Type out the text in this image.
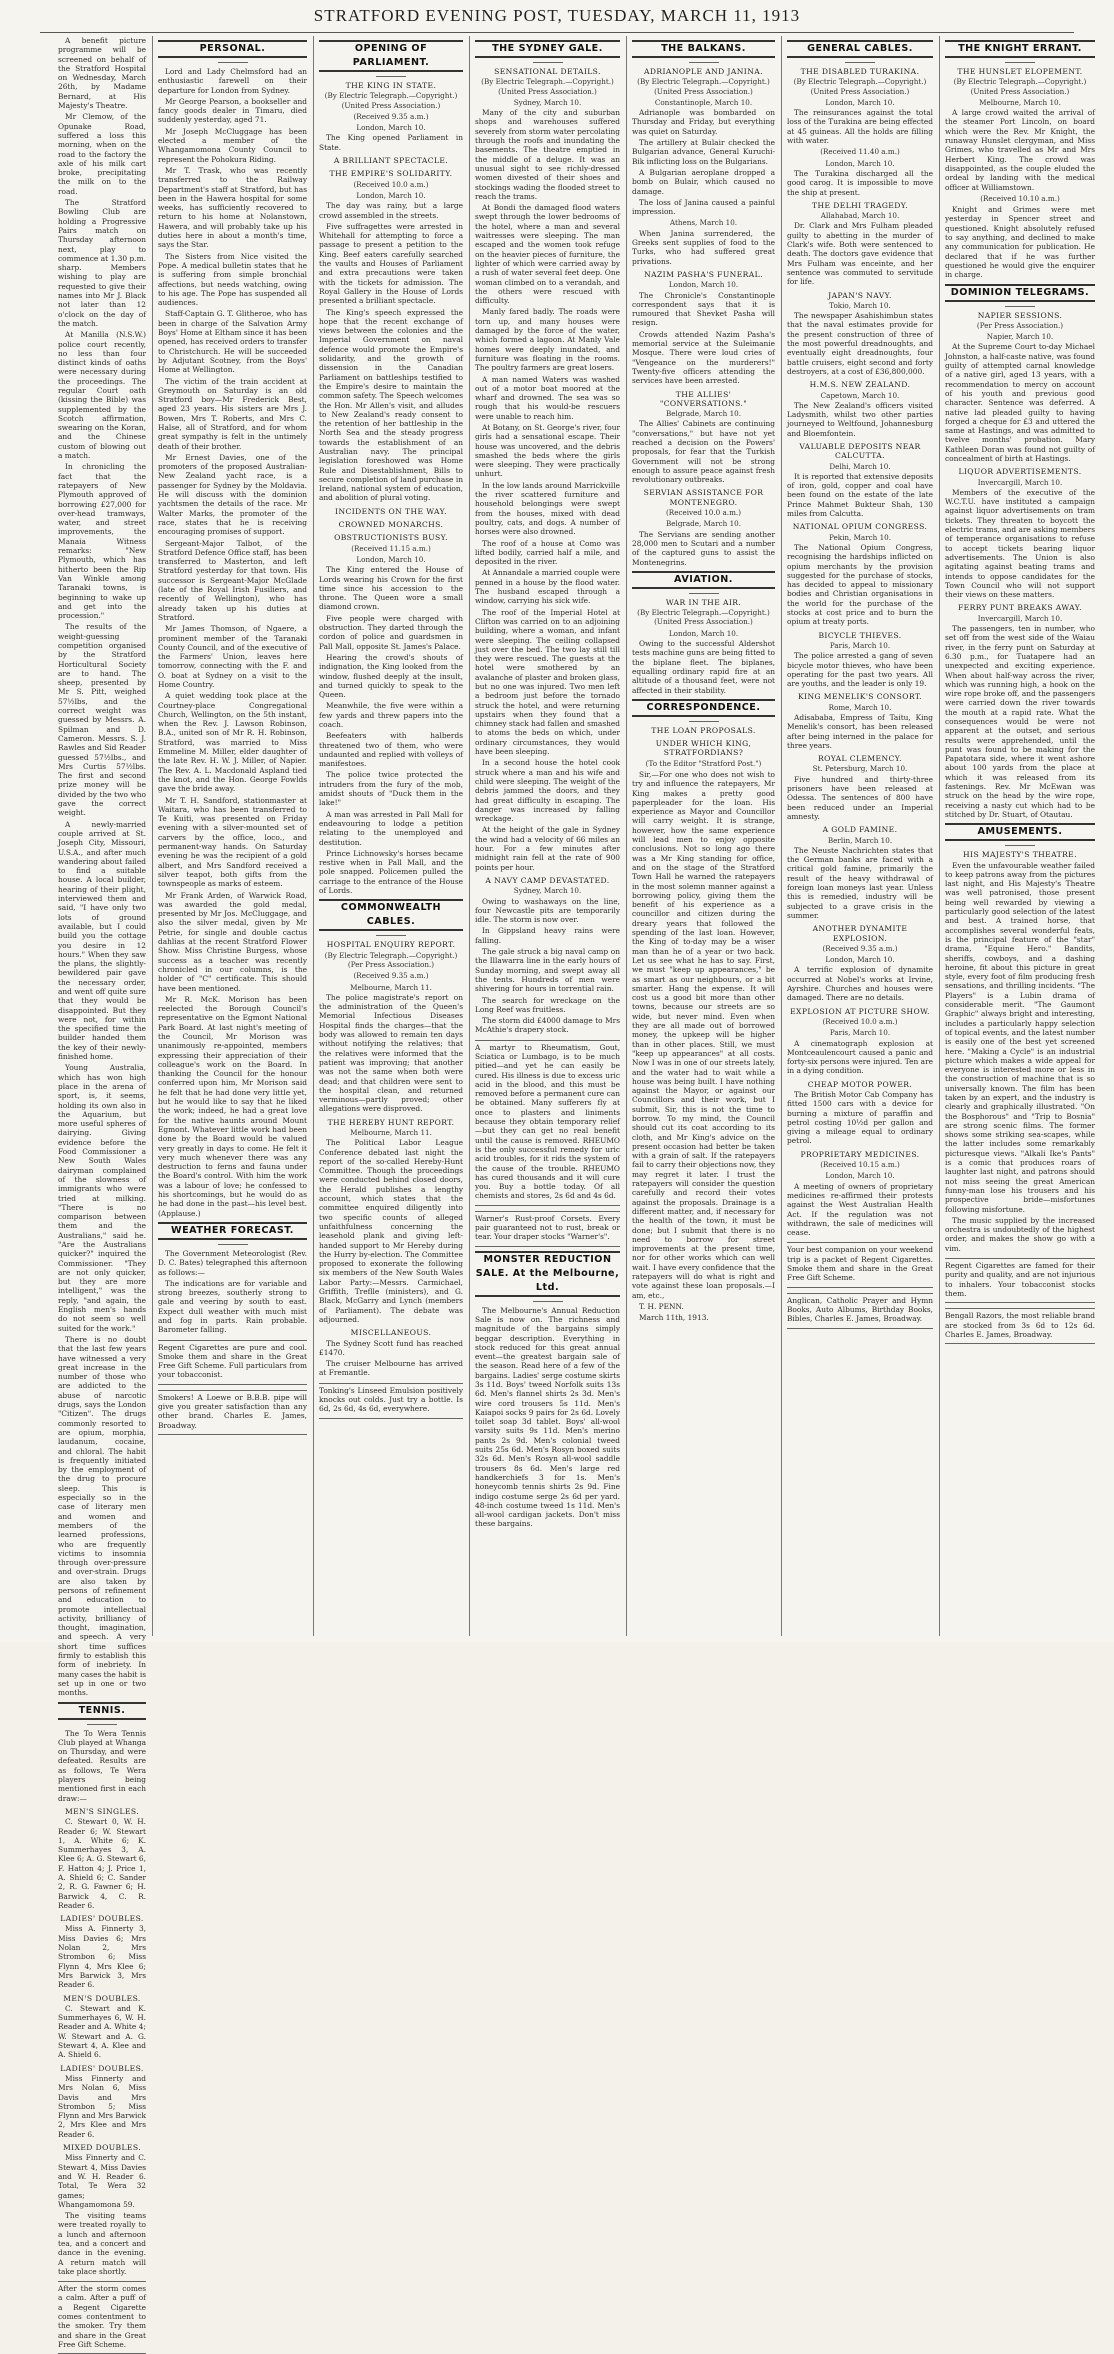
STRATFORD EVENING POST, TUESDAY, MARCH 11, 1913

A benefit picture programme will be screened on behalf of the Stratford Hospital on Wednesday, March 26th, by Madame Bernard, at His Majesty's Theatre.

Mr Clemow, of the Opunake Road, suffered a loss this morning, when on the road to the factory the axle of his milk cart broke, precipitating the milk on to the road.

The Stratford Bowling Club are holding a Progressive Pairs match on Thursday afternoon next, play to commence at 1.30 p.m. sharp. Members wishing to play are requested to give their names into Mr J. Black not later than 12 o'clock on the day of the match.

At Manilla (N.S.W.) police court recently, no less than four distinct kinds of oaths were necessary during the proceedings. The regular Court oath (kissing the Bible) was supplemented by the Scotch affirmation, swearing on the Koran, and the Chinese custom of blowing out a match.

In chronicling the fact that the ratepayers of New Plymouth approved of borrowing £27,000 for over-head tramways, water, and street improvements, the Manaia Witness remarks: "New Plymouth, which has hitherto been the Rip Van Winkle among Taranaki towns, is beginning to wake up and get into the procession."

The results of the weight-guessing competition organised by the Stratford Horticultural Society are to hand. The sheep, presented by Mr S. Pitt, weighed 57½lbs, and the correct weight was guessed by Messrs. A. Spilman and D. Cameron. Messrs. S. J. Rawles and Sid Reader guessed 57½lbs., and Mrs Curtis 57½lbs. The first and second prize money will be divided by the two who gave the correct weight.

A newly-married couple arrived at St. Joseph City, Missouri, U.S.A., and after much wandering about failed to find a suitable house. A local builder, hearing of their plight, interviewed them and said, "I have only two lots of ground available, but I could build you the cottage you desire in 12 hours." When they saw the plans, the slightly-bewildered pair gave the necessary order, and went off quite sure that they would be disappointed. But they were not, for within the specified time the builder handed them the key of their newly-finished home.

Young Australia, which has won high place in the arena of sport, is, it seems, holding its own also in the Aquarium, but more useful spheres of dairying. Giving evidence before the Food Commissioner a New South Wales dairyman complained of the slowness of immigrants who were tried at milking. "There is no comparison between them and the Australians," said he. "Are the Australians quicker?" inquired the Commissioner. "They are not only quicker, but they are more intelligent," was the reply, "and again, the English men's hands do not seem so well suited for the work."

There is no doubt that the last few years have witnessed a very great increase in the number of those who are addicted to the abuse of narcotic drugs, says the London "Citizen". The drugs commonly resorted to are opium, morphia, laudanum, cocaine, and chloral. The habit is frequently initiated by the employment of the drug to procure sleep. This is especially so in the case of literary men and women and members of the learned professions, who are frequently victims to insomnia through over-pressure and over-strain. Drugs are also taken by persons of refinement and education to promote intellectual activity, brilliancy of thought, imagination, and speech. A very short time suffices firmly to establish this form of inebriety. In many cases the habit is set up in one or two months.

TENNIS.

The To Wera Tennis Club played at Whanga on Thursday, and were defeated. Results are as follows, Te Wera players being mentioned first in each draw:—

MEN'S SINGLES.

C. Stewart 0, W. H. Reader 6; W. Stewart 1, A. White 6; K. Summerhayes 3, A. Klee 6; A. G. Stewart 6, F. Hatton 4; J. Price 1, A. Shield 6; C. Sander 2, R. G. Fawner 6; H. Barwick 4, C. R. Reader 6.

LADIES' DOUBLES.

Miss A. Finnerty 3, Miss Davies 6; Mrs Nolan 2, Mrs Strombon 6; Miss Flynn 4, Mrs Klee 6; Mrs Barwick 3, Mrs Reader 6.

MEN'S DOUBLES.

C. Stewart and K. Summerhayes 6, W. H. Reader and A. White 4; W. Stewart and A. G. Stewart 4, A. Klee and A. Shield 6.

LADIES' DOUBLES.

Miss Finnerty and Mrs Nolan 6, Miss Davis and Mrs Strombon 5; Miss Flynn and Mrs Barwick 2, Mrs Klee and Mrs Reader 6.

MIXED DOUBLES.

Miss Finnerty and C. Stewart 4, Miss Davies and W. H. Reader 6. Total, Te Wera 32 games; Whangamomona 59.

The visiting teams were treated royally to a lunch and afternoon tea, and a concert and dance in the evening. A return match will take place shortly.

After the storm comes a calm. After a puff of a Regent Cigarette comes contentment to the smoker. Try them and share in the Great Free Gift Scheme.

PERSONAL.

Lord and Lady Chelmsford had an enthusiastic farewell on their departure for London from Sydney.

Mr George Pearson, a bookseller and fancy goods dealer in Timaru, died suddenly yesterday, aged 71.

Mr Joseph McCluggage has been elected a member of the Whangamomona County Council to represent the Pohokura Riding.

Mr T. Trask, who was recently transferred to the Railway Department's staff at Stratford, but has been in the Hawera hospital for some weeks, has sufficiently recovered to return to his home at Nolanstown, Hawera, and will probably take up his duties here in about a month's time, says the Star.

The Sisters from Nice visited the Pope. A medical bulletin states that he is suffering from simple bronchial affections, but needs watching, owing to his age. The Pope has suspended all audiences.

Staff-Captain G. T. Glitheroe, who has been in charge of the Salvation Army Boys' Home at Eltham since it has been opened, has received orders to transfer to Christchurch. He will be succeeded by Adjutant Scotney, from the Boys' Home at Wellington.

The victim of the train accident at Greymouth on Saturday is an old Stratford boy—Mr Frederick Best, aged 23 years. His sisters are Mrs J. Bowen, Mrs T. Roberts, and Mrs C. Halse, all of Stratford, and for whom great sympathy is felt in the untimely death of their brother.

Mr Ernest Davies, one of the promoters of the proposed Australian-New Zealand yacht race, is a passenger for Sydney by the Moldavia. He will discuss with the dominion yachtsmen the details of the race. Mr Walter Marks, the promoter of the race, states that he is receiving encouraging promises of support.

Sergeant-Major Talbot, of the Stratford Defence Office staff, has been transferred to Masterton, and left Stratford yesterday for that town. His successor is Sergeant-Major McGlade (late of the Royal Irish Fusiliers, and recently of Wellington), who has already taken up his duties at Stratford.

Mr James Thomson, of Ngaere, a prominent member of the Taranaki County Council, and of the executive of the Farmers' Union, leaves here tomorrow, connecting with the F. and O. boat at Sydney on a visit to the Home Country.

A quiet wedding took place at the Courtney-place Congregational Church, Wellington, on the 5th instant, when the Rev. J. Lawson Robinson, B.A., united son of Mr R. H. Robinson, Stratford, was married to Miss Emmeline M. Miller, elder daughter of the late Rev. H. W. J. Miller, of Napier. The Rev. A. L. Macdonald Aspland tied the knot, and the Hon. George Fowlds gave the bride away.

Mr T. H. Sandford, stationmaster at Waitara, who has been transferred to Te Kuiti, was presented on Friday evening with a silver-mounted set of carvers by the office, loco., and permanent-way hands. On Saturday evening he was the recipient of a gold albert, and Mrs Sandford received a silver teapot, both gifts from the townspeople as marks of esteem.

Mr Frank Arden, of Warwick Road, was awarded the gold medal, presented by Mr Jos. McCluggage, and also the silver medal, given by Mr Petrie, for single and double cactus dahlias at the recent Stratford Flower Show. Miss Christine Burgess, whose success as a teacher was recently chronicled in our columns, is the holder of "C" certificate. This should have been mentioned.

Mr R. McK. Morison has been reelected the Borough Council's representative on the Egmont National Park Board. At last night's meeting of the Council, Mr Morison was unanimously re-appointed, members expressing their appreciation of their colleague's work on the Board. In thanking the Council for the honour conferred upon him, Mr Morison said he felt that he had done very little yet, but he would like to say that he liked the work; indeed, he had a great love for the native haunts around Mount Egmont. Whatever little work had been done by the Board would be valued very greatly in days to come. He felt it very much whenever there was any destruction to ferns and fauna under the Board's control. With him the work was a labour of love; he confessed to his shortcomings, but he would do as he had done in the past—his level best. (Applause.)

WEATHER FORECAST.

The Government Meteorologist (Rev. D. C. Bates) telegraphed this afternoon as follows:—

The indications are for variable and strong breezes, southerly strong to gale and veering by south to east. Expect dull weather with much mist and fog in parts. Rain probable. Barometer falling.

Regent Cigarettes are pure and cool. Smoke them and share in the Great Free Gift Scheme. Full particulars from your tobacconist.

Smokers! A Loewe or B.B.B. pipe will give you greater satisfaction than any other brand. Charles E. James, Broadway.

OPENING OF PARLIAMENT.
THE KING IN STATE.
(By Electric Telegraph.—Copyright.) (United Press Association.)
(Received 9.35 a.m.)
London, March 10.

The King opened Parliament in State.

A BRILLIANT SPECTACLE.
THE EMPIRE'S SOLIDARITY.
(Received 10.0 a.m.)
London, March 10.

The day was rainy, but a large crowd assembled in the streets.

Five suffragettes were arrested in Whitehall for attempting to force a passage to present a petition to the King. Beef eaters carefully searched the vaults and Houses of Parliament and extra precautions were taken with the tickets for admission. The Royal Gallery in the House of Lords presented a brilliant spectacle.

The King's speech expressed the hope that the recent exchange of views between the colonies and the Imperial Government on naval defence would promote the Empire's solidarity, and the growth of dissension in the Canadian Parliament on battleships testified to the Empire's desire to maintain the common safety. The Speech welcomes the Hon. Mr Allen's visit, and alludes to New Zealand's ready consent to the retention of her battleship in the North Sea and the steady progress towards the establishment of an Australian navy. The principal legislation foreshowed was Home Rule and Disestablishment, Bills to secure completion of land purchase in Ireland, national system of education, and abolition of plural voting.

INCIDENTS ON THE WAY.
CROWNED MONARCHS.
OBSTRUCTIONISTS BUSY.
(Received 11.15 a.m.)
London, March 10.

The King entered the House of Lords wearing his Crown for the first time since his accession to the throne. The Queen wore a small diamond crown.

Five people were charged with obstruction. They darted through the cordon of police and guardsmen in Pall Mall, opposite St. James's Palace.

Hearing the crowd's shouts of indignation, the King looked from the window, flushed deeply at the insult, and turned quickly to speak to the Queen.

Meanwhile, the five were within a few yards and threw papers into the coach.

Beefeaters with halberds threatened two of them, who were undaunted and replied with volleys of manifestoes.

The police twice protected the intruders from the fury of the mob, amidst shouts of "Duck them in the lake!"

A man was arrested in Pall Mall for endeavouring to lodge a petition relating to the unemployed and destitution.

Prince Lichnowsky's horses became restive when in Pall Mall, and the pole snapped. Policemen pulled the carriage to the entrance of the House of Lords.

COMMONWEALTH CABLES.
HOSPITAL ENQUIRY REPORT.
(By Electric Telegraph.—Copyright.) (Per Press Association.)
(Received 9.35 a.m.)
Melbourne, March 11.

The police magistrate's report on the administration of the Queen's Memorial Infectious Diseases Hospital finds the charges—that the body was allowed to remain ten days without notifying the relatives; that the relatives were informed that the patient was improving; that another was not the same when both were dead; and that children were sent to the hospital clean, and returned verminous—partly proved; other allegations were disproved.

THE HEREBY HUNT REPORT.
Melbourne, March 11.

The Political Labor League Conference debated last night the report of the so-called Hereby-Hunt Committee. Though the proceedings were conducted behind closed doors, the Herald publishes a lengthy account, which states that the committee enquired diligently into two specific counts of alleged unfaithfulness concerning the leasehold plank and giving left-handed support to Mr Hereby during the Hurry by-election. The Committee proposed to exonerate the following six members of the New South Wales Labor Party:—Messrs. Carmichael, Griffith, Treflle (ministers), and G. Black, McGarry and Lynch (members of Parliament). The debate was adjourned.

MISCELLANEOUS.

The Sydney Scott fund has reached £1470.

The cruiser Melbourne has arrived at Fremantle.

Tonking's Linseed Emulsion positively knocks out colds. Just try a bottle. Is 6d, 2s 6d, 4s 6d, everywhere.

THE SYDNEY GALE.
SENSATIONAL DETAILS.
(By Electric Telegraph.—Copyright.) (United Press Association.)
Sydney, March 10.

Many of the city and suburban shops and warehouses suffered severely from storm water percolating through the roofs and inundating the basements. The theatre emptied in the middle of a deluge. It was an unusual sight to see richly-dressed women divested of their shoes and stockings wading the flooded street to reach the trams.

At Bondi the damaged flood waters swept through the lower bedrooms of the hotel, where a man and several waitresses were sleeping. The man escaped and the women took refuge on the heavier pieces of furniture, the lighter of which were carried away by a rush of water several feet deep. One woman climbed on to a verandah, and the others were rescued with difficulty.

Manly fared badly. The roads were torn up, and many houses were damaged by the force of the water, which formed a lagoon. At Manly Vale homes were deeply inundated, and furniture was floating in the rooms. The poultry farmers are great losers.

A man named Waters was washed out of a motor boat moored at the wharf and drowned. The sea was so rough that his would-be rescuers were unable to reach him.

At Botany, on St. George's river, four girls had a sensational escape. Their house was uncovered, and the debris smashed the beds where the girls were sleeping. They were practically unhurt.

In the low lands around Marrickville the river scattered furniture and household belongings were swept from the houses, mixed with dead poultry, cats, and dogs. A number of horses were also drowned.

The roof of a house at Como was lifted bodily, carried half a mile, and deposited in the river.

At Annandale a married couple were penned in a house by the flood water. The husband escaped through a window, carrying his sick wife.

The roof of the Imperial Hotel at Clifton was carried on to an adjoining building, where a woman, and infant were sleeping. The ceiling collapsed just over the bed. The two lay still till they were rescued. The guests at the hotel were smothered by an avalanche of plaster and broken glass, but no one was injured. Two men left a bedroom just before the tornado struck the hotel, and were returning upstairs when they found that a chimney stack had fallen and smashed to atoms the beds on which, under ordinary circumstances, they would have been sleeping.

In a second house the hotel cook struck where a man and his wife and child were sleeping. The weight of the debris jammed the doors, and they had great difficulty in escaping. The danger was increased by falling wreckage.

At the height of the gale in Sydney the wind had a velocity of 66 miles an hour. For a few minutes after midnight rain fell at the rate of 900 points per hour.

A NAVY CAMP DEVASTATED.
Sydney, March 10.

Owing to washaways on the line, four Newcastle pits are temporarily idle. The storm is now over.

In Gippsland heavy rains were falling.

The gale struck a big naval camp on the Illawarra line in the early hours of Sunday morning, and swept away all the tents. Hundreds of men were shivering for hours in torrential rain.

The search for wreckage on the Long Reef was fruitless.

The storm did £4000 damage to Mrs McAthie's drapery stock.

A martyr to Rheumatism, Gout, Sciatica or Lumbago, is to be much pitied—and yet he can easily be cured. His illness is due to excess uric acid in the blood, and this must be removed before a permanent cure can be obtained. Many sufferers fly at once to plasters and liniments because they obtain temporary relief—but they can get no real benefit until the cause is removed. RHEUMO is the only successful remedy for uric acid troubles, for it rids the system of the cause of the trouble. RHEUMO has cured thousands and it will cure you. Buy a bottle today. Of all chemists and stores, 2s 6d and 4s 6d.

Warner's Rust-proof Corsets. Every pair guaranteed not to rust, break or tear. Your draper stocks "Warner's".

MONSTER REDUCTION SALE. At the Melbourne, Ltd.

The Melbourne's Annual Reduction Sale is now on. The richness and magnitude of the bargains simply beggar description. Everything in stock reduced for this great annual event—the greatest bargain sale of the season. Read here of a few of the bargains. Ladies' serge costume skirts 3s 11d. Boys' tweed Norfolk suits 13s 6d. Men's flannel shirts 2s 3d. Men's wire cord trousers 5s 11d. Men's Kaiapoi socks 9 pairs for 2s 6d. Lovely toilet soap 3d tablet. Boys' all-wool varsity suits 9s 11d. Men's merino pants 2s 9d. Men's colonial tweed suits 25s 6d. Men's Rosyn boxed suits 32s 6d. Men's Rosyn all-wool saddle trousers 8s 6d. Men's large red handkerchiefs 3 for 1s. Men's honeycomb tennis shirts 2s 9d. Fine indigo costume serge 2s 6d per yard. 48-inch costume tweed 1s 11d. Men's all-wool cardigan jackets. Don't miss these bargains.

THE BALKANS.
ADRIANOPLE AND JANINA.
(By Electric Telegraph.—Copyright.) (United Press Association.)
Constantinople, March 10.

Adrianople was bombarded on Thursday and Friday, but everything was quiet on Saturday.

The artillery at Bulair checked the Bulgarian advance, General Kuruchi-Bik inflicting loss on the Bulgarians.

A Bulgarian aeroplane dropped a bomb on Bulair, which caused no damage.

The loss of Janina caused a painful impression.

Athens, March 10.

When Janina surrendered, the Greeks sent supplies of food to the Turks, who had suffered great privations.

NAZIM PASHA'S FUNERAL.
London, March 10.

The Chronicle's Constantinople correspondent says that it is rumoured that Shevket Pasha will resign.

Crowds attended Nazim Pasha's memorial service at the Suleimanie Mosque. There were loud cries of "Vengeance on the murderers!" Twenty-five officers attending the services have been arrested.

THE ALLIES' "CONVERSATIONS."
Belgrade, March 10.

The Allies' Cabinets are continuing "conversations," but have not yet reached a decision on the Powers' proposals, for fear that the Turkish Government will not be strong enough to assure peace against fresh revolutionary outbreaks.

SERVIAN ASSISTANCE FOR MONTENEGRO.
(Received 10.0 a.m.)
Belgrade, March 10.

The Servians are sending another 28,000 men to Scutari and a number of the captured guns to assist the Montenegrins.

AVIATION.
WAR IN THE AIR.
(By Electric Telegraph.—Copyright.) (United Press Association.)
London, March 10.

Owing to the successful Aldershot tests machine guns are being fitted to the biplane fleet. The biplanes, equalling ordinary rapid fire at an altitude of a thousand feet, were not affected in their stability.

CORRESPONDENCE.
THE LOAN PROPOSALS.
UNDER WHICH KING, STRATFORDIANS?
(To the Editor "Stratford Post.")

Sir,—For one who does not wish to try and influence the ratepayers, Mr King makes a pretty good paperpleader for the loan. His experience as Mayor and Councillor will carry weight. It is strange, however, how the same experience will lead men to enjoy opposite conclusions. Not so long ago there was a Mr King standing for office, and on the stage of the Stratford Town Hall he warned the ratepayers in the most solemn manner against a borrowing policy, giving them the benefit of his experience as a councillor and citizen during the dreary years that followed the spending of the last loan. However, the King of to-day may be a wiser man than he of a year or two back. Let us see what he has to say. First, we must "keep up appearances," be as smart as our neighbours, or a bit smarter. Hang the expense. It will cost us a good bit more than other towns, because our streets are so wide, but never mind. Even when they are all made out of borrowed money, the upkeep will be higher than in other places. Still, we must "keep up appearances" at all costs. Now I was in one of our streets lately, and the water had to wait while a house was being built. I have nothing against the Mayor, or against our Councillors and their work, but I submit, Sir, this is not the time to borrow. To my mind, the Council should cut its coat according to its cloth, and Mr King's advice on the present occasion had better be taken with a grain of salt. If the ratepayers fail to carry their objections now, they may regret it later. I trust the ratepayers will consider the question carefully and record their votes against the proposals. Drainage is a different matter, and, if necessary for the health of the town, it must be done; but I submit that there is no need to borrow for street improvements at the present time, nor for other works which can well wait. I have every confidence that the ratepayers will do what is right and vote against these loan proposals.—I am, etc.,

T. H. PENN.

March 11th, 1913.

GENERAL CABLES.
THE DISABLED TURAKINA.
(By Electric Telegraph.—Copyright.) (United Press Association.)
London, March 10.

The reinsurances against the total loss of the Turakina are being effected at 45 guineas. All the holds are filling with water.

(Received 11.40 a.m.)
London, March 10.

The Turakina discharged all the good carog. It is impossible to move the ship at present.

THE DELHI TRAGEDY.
Allahabad, March 10.

Dr. Clark and Mrs Fulham pleaded guilty to abetting in the murder of Clark's wife. Both were sentenced to death. The doctors gave evidence that Mrs Fulham was enceinte, and her sentence was commuted to servitude for life.

JAPAN'S NAVY.
Tokio, March 10.

The newspaper Asahishimbun states that the naval estimates provide for the present construction of three of the most powerful dreadnoughts, and eventually eight dreadnoughts, four battle cruisers, eight second and forty destroyers, at a cost of £36,800,000.

H.M.S. NEW ZEALAND.
Capetown, March 10.

The New Zealand's officers visited Ladysmith, whilst two other parties journeyed to Weltfound, Johannesburg and Bloemfontein.

VALUABLE DEPOSITS NEAR CALCUTTA.
Delhi, March 10.

It is reported that extensive deposits of iron, gold, copper and coal have been found on the estate of the late Prince Mahmet Bukteur Shah, 130 miles from Calcutta.

NATIONAL OPIUM CONGRESS.
Pekin, March 10.

The National Opium Congress, recognising the hardships inflicted on opium merchants by the provision suggested for the purchase of stocks, has decided to appeal to missionary bodies and Christian organisations in the world for the purchase of the stocks at cost price and to burn the opium at treaty ports.

BICYCLE THIEVES.
Paris, March 10.

The police arrested a gang of seven bicycle motor thieves, who have been operating for the past two years. All are youths, and the leader is only 19.

KING MENELIK'S CONSORT.
Rome, March 10.

Adisababa, Empress of Taitu, King Menelik's consort, has been released after being interned in the palace for three years.

ROYAL CLEMENCY.
St. Petersburg, March 10.

Five hundred and thirty-three prisoners have been released at Odessa. The sentences of 800 have been reduced under an Imperial amnesty.

A GOLD FAMINE.
Berlin, March 10.

The Neuste Nachrichten states that the German banks are faced with a critical gold famine, primarily the result of the heavy withdrawal of foreign loan moneys last year. Unless this is remedied, industry will be subjected to a grave crisis in the summer.

ANOTHER DYNAMITE EXPLOSION.
(Received 9.35 a.m.)
London, March 10.

A terrific explosion of dynamite occurred at Nobel's works at Irvine, Ayrshire. Churches and houses were damaged. There are no details.

EXPLOSION AT PICTURE SHOW.
(Received 10.0 a.m.)
Paris, March 10.

A cinematograph explosion at Montceaulencourt caused a panic and forty-six persons were injured. Ten are in a dying condition.

CHEAP MOTOR POWER.

The British Motor Cab Company has fitted 1500 cars with a device for burning a mixture of paraffin and petrol costing 10½d per gallon and giving a mileage equal to ordinary petrol.

PROPRIETARY MEDICINES.
(Received 10.15 a.m.)
London, March 10.

A meeting of owners of proprietary medicines re-affirmed their protests against the West Australian Health Act. If the regulation was not withdrawn, the sale of medicines will cease.

Your best companion on your weekend trip is a packet of Regent Cigarettes. Smoke them and share in the Great Free Gift Scheme.

Anglican, Catholic Prayer and Hymn Books, Auto Albums, Birthday Books, Bibles, Charles E. James, Broadway.

THE KNIGHT ERRANT.
THE HUNSLET ELOPEMENT.
(By Electric Telegraph.—Copyright.) (United Press Association.)
Melbourne, March 10.

A large crowd waited the arrival of the steamer Port Lincoln, on board which were the Rev. Mr Knight, the runaway Hunslet clergyman, and Miss Grimes, who travelled as Mr and Mrs Herbert King. The crowd was disappointed, as the couple eluded the ordeal by landing with the medical officer at Williamstown.

(Received 10.10 a.m.)

Knight and Grimes were met yesterday in Spencer street and questioned. Knight absolutely refused to say anything, and declined to make any communication for publication. He declared that if he was further questioned he would give the enquirer in charge.

DOMINION TELEGRAMS.
NAPIER SESSIONS.
(Per Press Association.)
Napier, March 10.

At the Supreme Court to-day Michael Johnston, a half-caste native, was found guilty of attempted carnal knowledge of a native girl, aged 13 years, with a recommendation to mercy on account of his youth and previous good character. Sentence was deferred. A native lad pleaded guilty to having forged a cheque for £3 and uttered the same at Hastings, and was admitted to twelve months' probation. Mary Kathleen Doran was found not guilty of concealment of birth at Hastings.

LIQUOR ADVERTISEMENTS.
Invercargill, March 10.

Members of the executive of the W.C.T.U. have instituted a campaign against liquor advertisements on tram tickets. They threaten to boycott the electric trams, and are asking members of temperance organisations to refuse to accept tickets bearing liquor advertisements. The Union is also agitating against beating trams and intends to oppose candidates for the Town Council who will not support their views on these matters.

FERRY PUNT BREAKS AWAY.
Invercargill, March 10.

The passengers, ten in number, who set off from the west side of the Waiau river, in the ferry punt on Saturday at 6.30 p.m., for Tuatapere had an unexpected and exciting experience. When about half-way across the river, which was running high, a hook on the wire rope broke off, and the passengers were carried down the river towards the mouth at a rapid rate. What the consequences would be were not apparent at the outset, and serious results were apprehended, until the punt was found to be making for the Papatotara side, where it went ashore about 100 yards from the place at which it was released from its fastenings. Rev. Mr McEwan was struck on the head by the wire rope, receiving a nasty cut which had to be stitched by Dr. Stuart, of Otautau.

AMUSEMENTS.
HIS MAJESTY'S THEATRE.

Even the unfavourable weather failed to keep patrons away from the pictures last night, and His Majesty's Theatre was well patronised, those present being well rewarded by viewing a particularly good selection of the latest and best. A trained horse, that accomplishes several wonderful feats, is the principal feature of the "star" drama, "Equine Hero." Bandits, sheriffs, cowboys, and a dashing heroine, fit about this picture in great style, every foot of film producing fresh sensations, and thrilling incidents. "The Players" is a Lubin drama of considerable merit. "The Gaumont Graphic" always bright and interesting, includes a particularly happy selection of topical events, and the latest number is easily one of the best yet screened here. "Making a Cycle" is an industrial picture which makes a wide appeal for everyone is interested more or less in the construction of machine that is so universally known. The film has been taken by an expert, and the industry is clearly and graphically illustrated. "On the Bosphorous" and "Trip to Bosnia" are strong scenic films. The former shows some striking sea-scapes, while the latter includes some remarkably picturesque views. "Alkali Ike's Pants" is a comic that produces roars of laughter last night, and patrons should not miss seeing the great American funny-man lose his trousers and his prospective bride—misfortunes following misfortune.

The music supplied by the increased orchestra is undoubtedly of the highest order, and makes the show go with a vim.

Regent Cigarettes are famed for their purity and quality, and are not injurious to inhalers. Your tobacconist stocks them.

Bengall Razors, the most reliable brand are stocked from 3s 6d to 12s 6d. Charles E. James, Broadway.
